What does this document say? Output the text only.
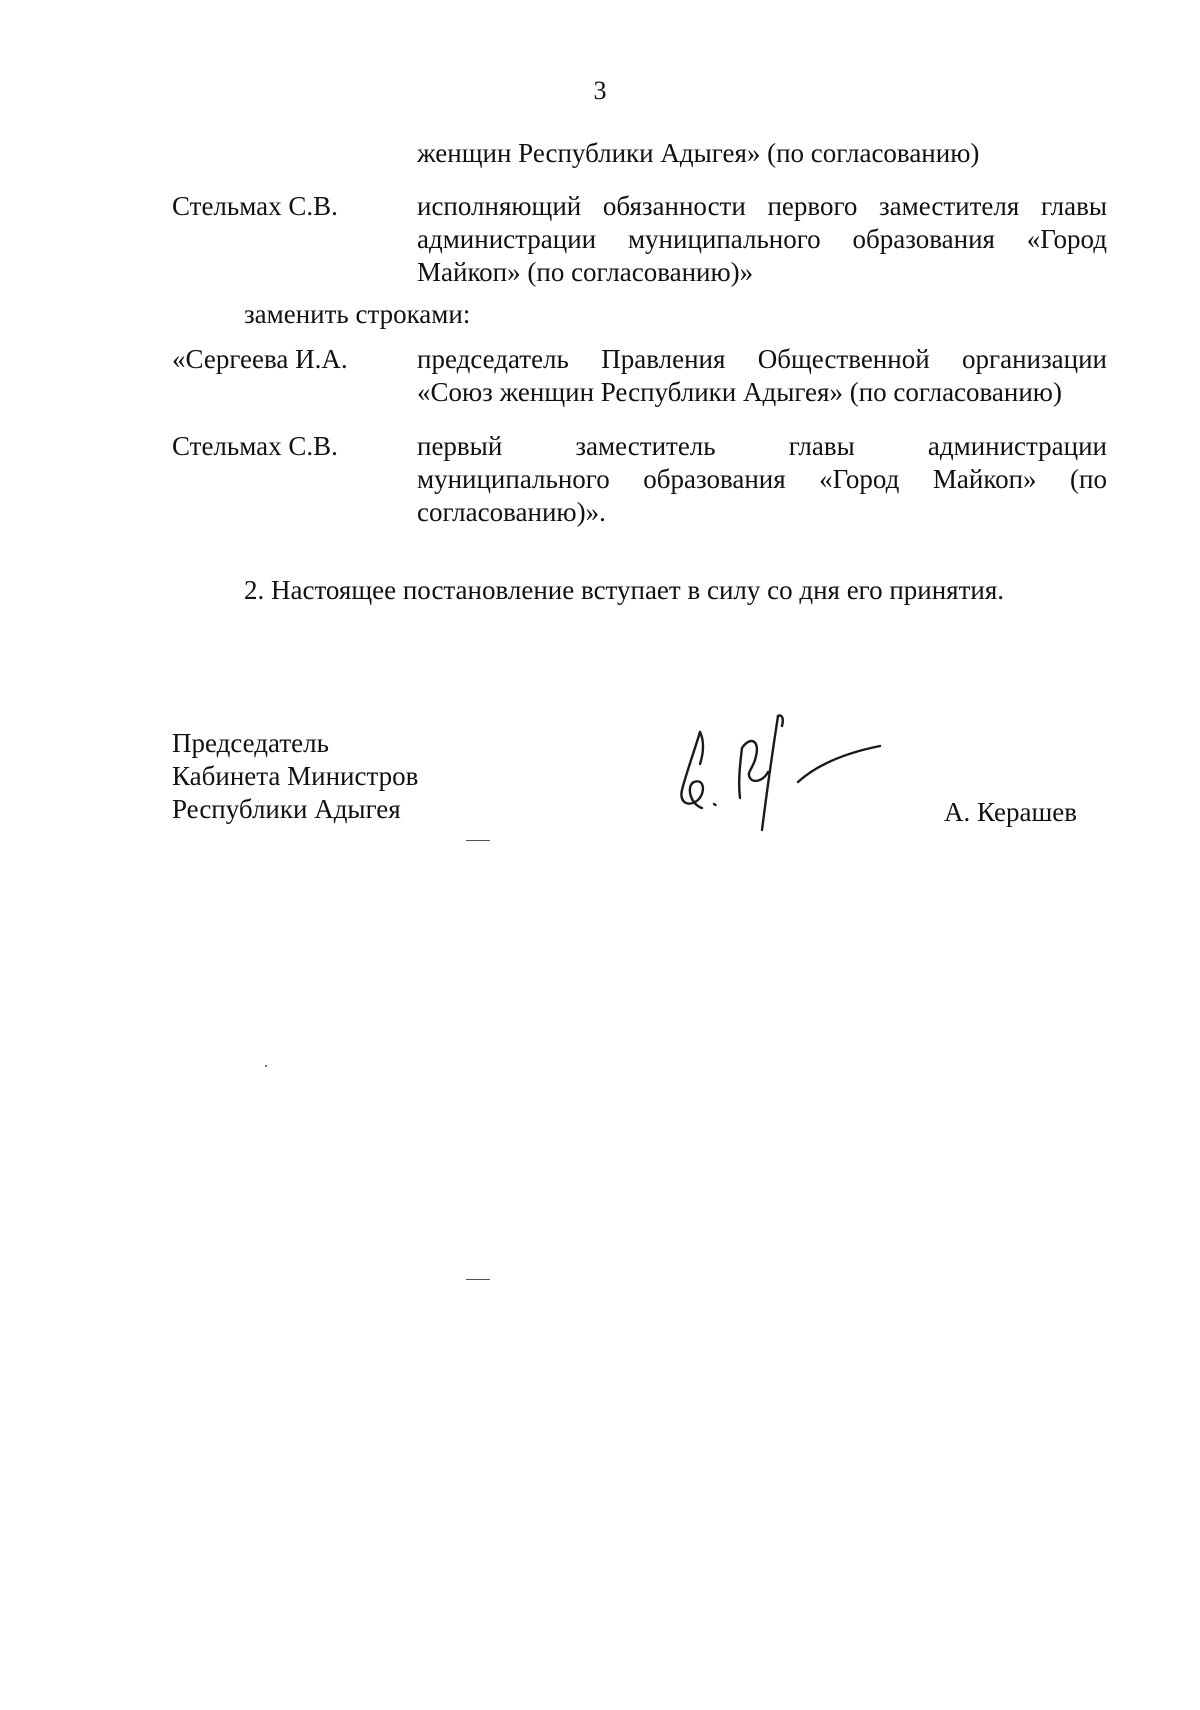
3
женщин Республики Адыгея» (по согласованию)
Стельмах С.В.	исполняющий обязанности первого заместителя главы администрации муниципального образования «Город Майкоп» (по согласованию)»
заменить строками:
«Сергеева И.А.	председатель Правления Общественной организации «Союз женщин Республики Адыгея» (по согласованию)
Стельмах С.В.	первый заместитель главы администрации муниципального образования «Город Майкоп» (по согласованию)».
2. Настоящее постановление вступает в силу со дня его принятия.
Председатель
Кабинета Министров
Республики Адыгея	А. Керашев
